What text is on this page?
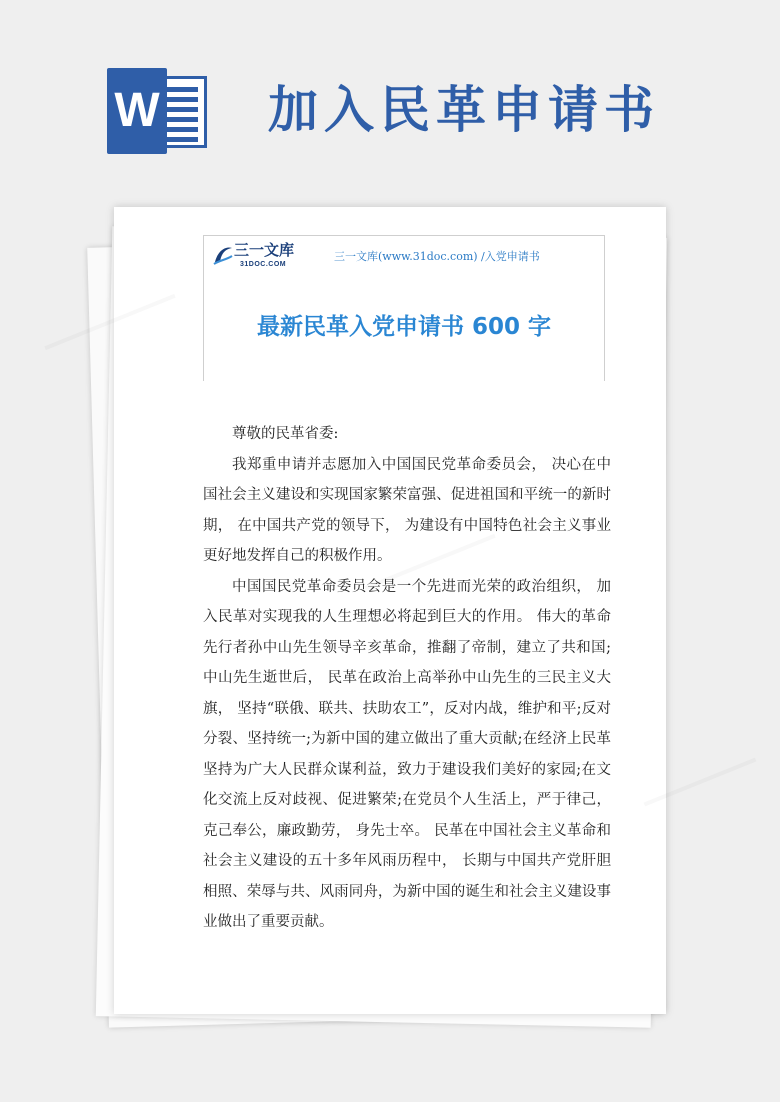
W 加入民革申请书
三一文库
31DOC.COM
三一文库(www.31doc.com) /入党申请书
最新民革入党申请书 600 字

尊敬的民革省委:

我郑重申请并志愿加入中国国民党革命委员会， 决心在中国社会主义建设和实现国家繁荣富强、促进祖国和平统一的新时期， 在中国共产党的领导下， 为建设有中国特色社会主义事业更好地发挥自己的积极作用。

中国国民党革命委员会是一个先进而光荣的政治组织， 加入民革对实现我的人生理想必将起到巨大的作用。 伟大的革命先行者孙中山先生领导辛亥革命，推翻了帝制，建立了共和国;中山先生逝世后， 民革在政治上高举孙中山先生的三民主义大旗， 坚持“联俄、联共、扶助农工”，反对内战，维护和平;反对分裂、坚持统一;为新中国的建立做出了重大贡献;在经济上民革坚持为广大人民群众谋利益，致力于建设我们美好的家园;在文化交流上反对歧视、促进繁荣;在党员个人生活上，严于律己，克己奉公，廉政勤劳， 身先士卒。 民革在中国社会主义革命和社会主义建设的五十多年风雨历程中， 长期与中国共产党肝胆相照、荣辱与共、风雨同舟，为新中国的诞生和社会主义建设事业做出了重要贡献。
